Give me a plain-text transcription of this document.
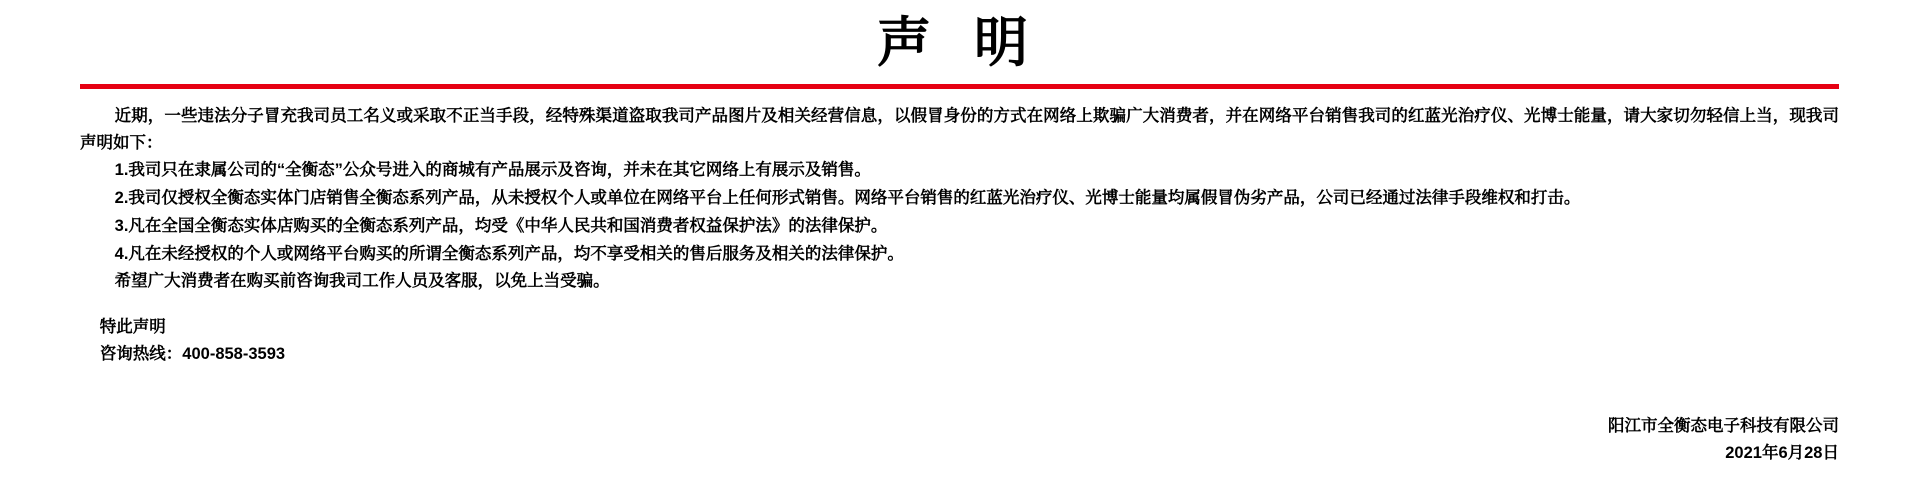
声 明

近期，一些违法分子冒充我司员工名义或采取不正当手段，经特殊渠道盗取我司产品图片及相关经营信息，以假冒身份的方式在网络上欺骗广大消费者，并在网络平台销售我司的红蓝光治疗仪、光博士能量，请大家切勿轻信上当，现我司声明如下：

1.我司只在隶属公司的“全衡态”公众号进入的商城有产品展示及咨询，并未在其它网络上有展示及销售。

2.我司仅授权全衡态实体门店销售全衡态系列产品，从未授权个人或单位在网络平台上任何形式销售。网络平台销售的红蓝光治疗仪、光博士能量均属假冒伪劣产品，公司已经通过法律手段维权和打击。

3.凡在全国全衡态实体店购买的全衡态系列产品，均受《中华人民共和国消费者权益保护法》的法律保护。

4.凡在未经授权的个人或网络平台购买的所谓全衡态系列产品，均不享受相关的售后服务及相关的法律保护。

希望广大消费者在购买前咨询我司工作人员及客服，以免上当受骗。

特此声明

咨询热线：400-858-3593

阳江市全衡态电子科技有限公司
2021年6月28日
